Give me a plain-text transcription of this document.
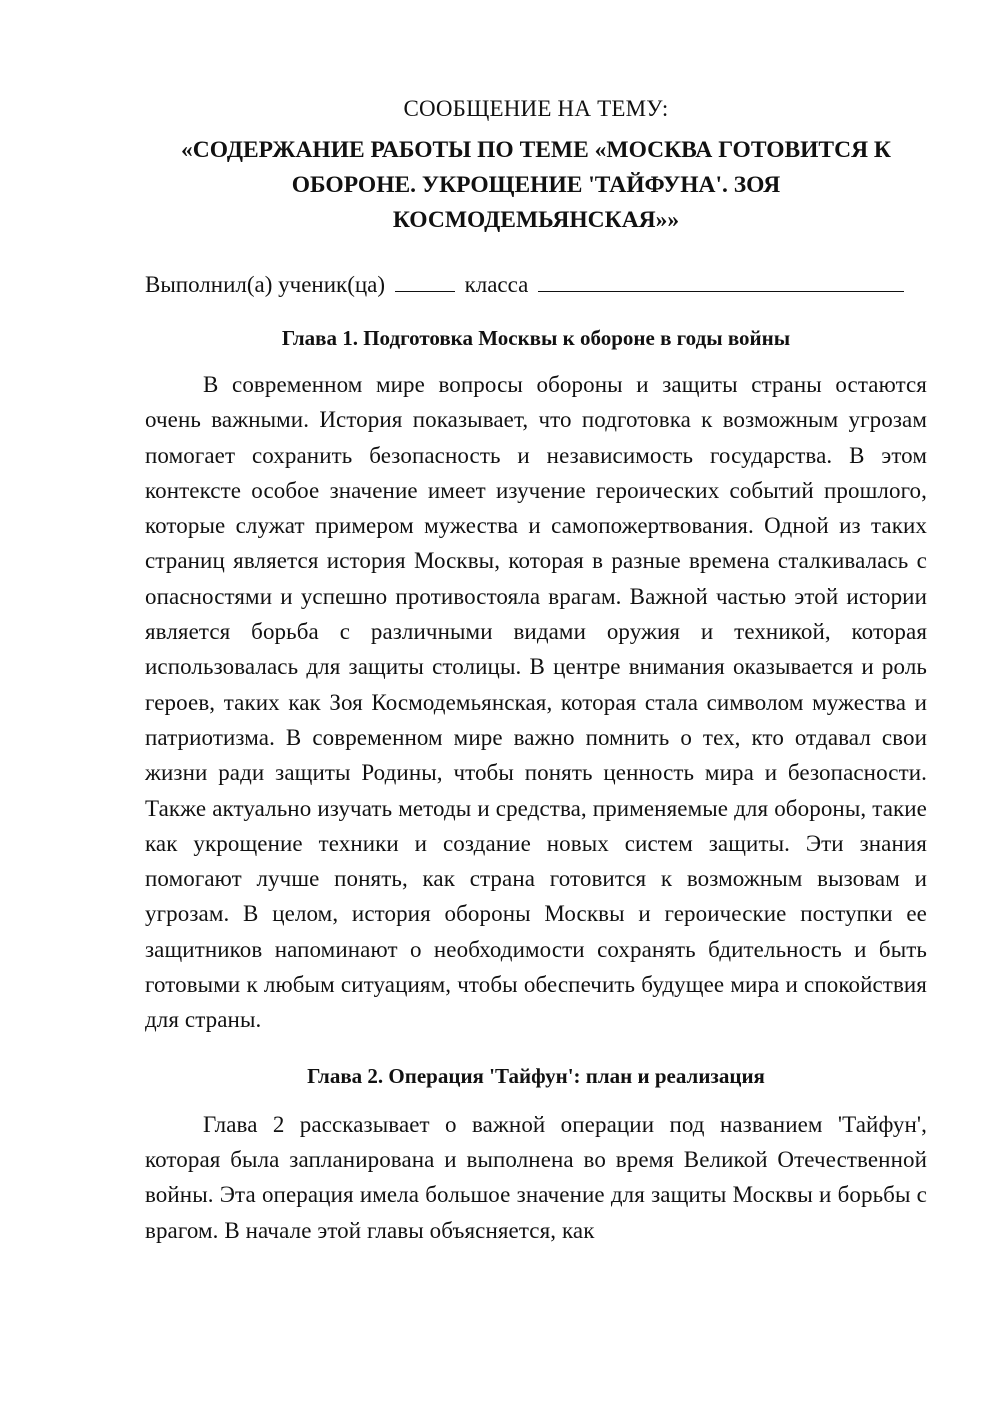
СООБЩЕНИЕ НА ТЕМУ:
«СОДЕРЖАНИЕ РАБОТЫ ПО ТЕМЕ «МОСКВА ГОТОВИТСЯ К ОБОРОНЕ. УКРОЩЕНИЕ 'ТАЙФУНА'. ЗОЯ КОСМОДЕМЬЯНСКАЯ»»
Выполнил(а) ученик(ца)	класса
Глава 1. Подготовка Москвы к обороне в годы войны
В современном мире вопросы обороны и защиты страны остаются очень важными. История показывает, что подготовка к возможным угрозам помогает сохранить безопасность и независимость государства. В этом контексте особое значение имеет изучение героических событий прошлого, которые служат примером мужества и самопожертвования. Одной из таких страниц является история Москвы, которая в разные времена сталкивалась с опасностями и успешно противостояла врагам. Важной частью этой истории является борьба с различными видами оружия и техникой, которая использовалась для защиты столицы. В центре внимания оказывается и роль героев, таких как Зоя Космодемьянская, которая стала символом мужества и патриотизма. В современном мире важно помнить о тех, кто отдавал свои жизни ради защиты Родины, чтобы понять ценность мира и безопасности. Также актуально изучать методы и средства, применяемые для обороны, такие как укрощение техники и создание новых систем защиты. Эти знания помогают лучше понять, как страна готовится к возможным вызовам и угрозам. В целом, история обороны Москвы и героические поступки ее защитников напоминают о необходимости сохранять бдительность и быть готовыми к любым ситуациям, чтобы обеспечить будущее мира и спокойствия для страны.
Глава 2. Операция 'Тайфун': план и реализация
Глава 2 рассказывает о важной операции под названием 'Тайфун', которая была запланирована и выполнена во время Великой Отечественной войны. Эта операция имела большое значение для защиты Москвы и борьбы с врагом. В начале этой главы объясняется, как
